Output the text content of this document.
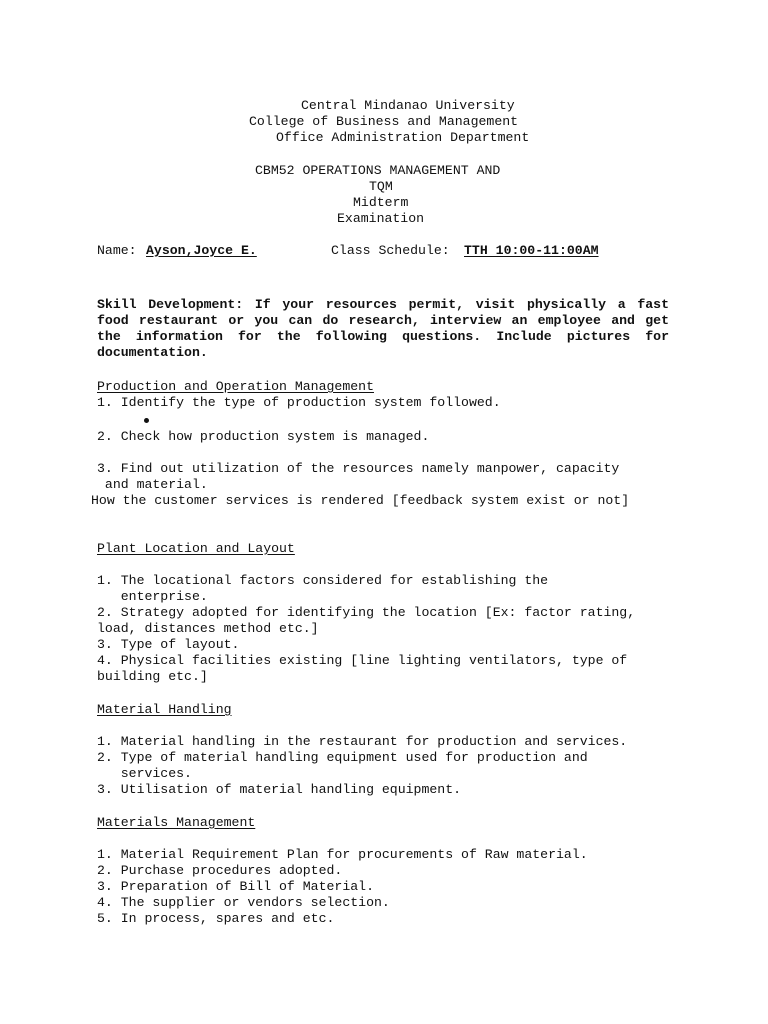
Central Mindanao University
College of Business and Management
Office Administration Department
CBM52 OPERATIONS MANAGEMENT AND
TQM
Midterm
Examination
Name: Ayson,Joyce E.	Class Schedule: TTH 10:00-11:00AM
Skill Development: If your resources permit, visit physically a fast food restaurant or you can do research, interview an employee and get the information for the following questions. Include pictures for documentation.
Production and Operation Management
1. Identify the type of production system followed.
2. Check how production system is managed.
3. Find out utilization of the resources namely manpower, capacity
and material.
How the customer services is rendered [feedback system exist or not]
Plant Location and Layout
1. The locational factors considered for establishing the
enterprise.
2. Strategy adopted for identifying the location [Ex: factor rating,
load, distances method etc.]
3. Type of layout.
4. Physical facilities existing [line lighting ventilators, type of
building etc.]
Material Handling
1. Material handling in the restaurant for production and services.
2. Type of material handling equipment used for production and
services.
3. Utilisation of material handling equipment.
Materials Management
1. Material Requirement Plan for procurements of Raw material.
2. Purchase procedures adopted.
3. Preparation of Bill of Material.
4. The supplier or vendors selection.
5. In process, spares and etc.
